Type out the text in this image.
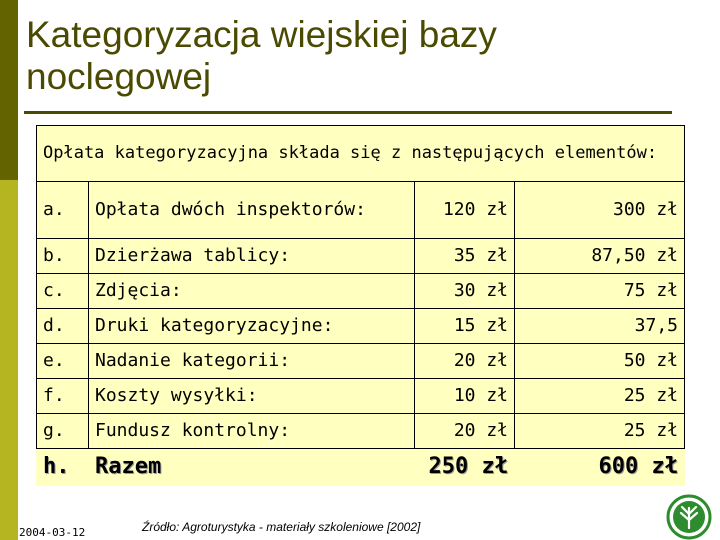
Kategoryzacja wiejskiej bazy
noclegowej
Opłata kategoryzacyjna składa się z następujących elementów:			
a.	Opłata dwóch inspektorów:	120 zł	300 zł
b.	Dzierżawa tablicy:	35 zł	87,50 zł
c.	Zdjęcia:	30 zł	75 zł
d.	Druki kategoryzacyjne:	15 zł	37,5
e.	Nadanie kategorii:	20 zł	50 zł
f.	Koszty wysyłki:	10 zł	25 zł
g.	Fundusz kontrolny:	20 zł	25 zł
h.	Razem	250 zł	600 zł
2004-03-12	Źródło: Agroturystyka - materiały szkoleniowe [2002]
